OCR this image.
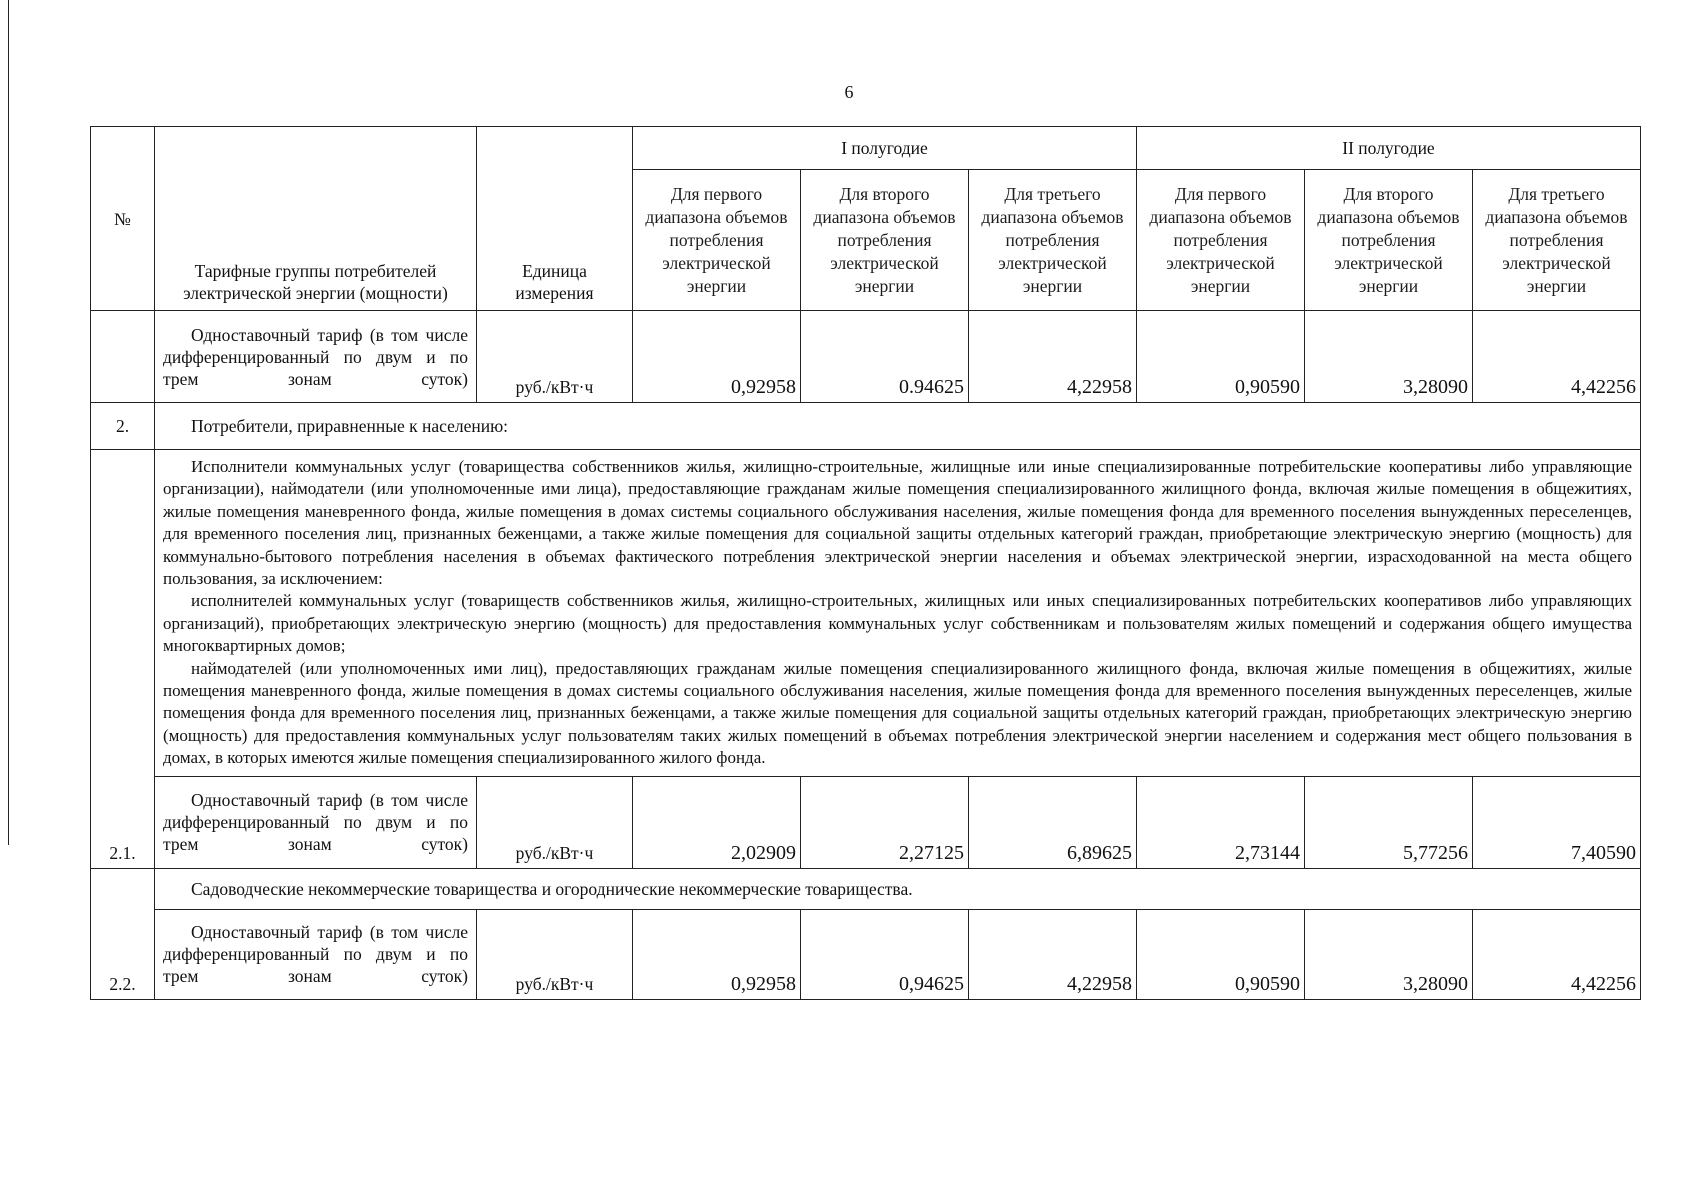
6
№	Тарифные группы потребителей электрической энергии (мощности)	Единица измерения	I полугодие			II полугодие		
			Для первого диапазона объемов потребления электрической энергии	Для второго диапазона объемов потребления электрической энергии	Для третьего диапазона объемов потребления электрической энергии	Для первого диапазона объемов потребления электрической энергии	Для второго диапазона объемов потребления электрической энергии	Для третьего диапазона объемов потребления электрической энергии
	Одноставочный тариф (в том числе дифференцированный по двум и по трем зонам суток)	руб./кВт·ч	0,92958	0.94625	4,22958	0,90590	3,28090	4,42256
2.	Потребители, приравненные к населению:							
2.1.	Исполнители коммунальных услуг (товарищества собственников жилья, жилищно-строительные, жилищные или иные специализированные потребительские кооперативы либо управляющие организации), наймодатели (или уполномоченные ими лица), предоставляющие гражданам жилые помещения специализированного жилищного фонда, включая жилые помещения в общежитиях, жилые помещения маневренного фонда, жилые помещения в домах системы социального обслуживания населения, жилые помещения фонда для временного поселения вынужденных переселенцев, для временного поселения лиц, признанных беженцами, а также жилые помещения для социальной защиты отдельных категорий граждан, приобретающие электрическую энергию (мощность) для коммунально-бытового потребления населения в объемах фактического потребления электрической энергии населения и объемах электрической энергии, израсходованной на места общего пользования, за исключением:

исполнителей коммунальных услуг (товариществ собственников жилья, жилищно-строительных, жилищных или иных специализированных потребительских кооперативов либо управляющих организаций), приобретающих электрическую энергию (мощность) для предоставления коммунальных услуг собственникам и пользователям жилых помещений и содержания общего имущества многоквартирных домов;

наймодателей (или уполномоченных ими лиц), предоставляющих гражданам жилые помещения специализированного жилищного фонда, включая жилые помещения в общежитиях, жилые помещения маневренного фонда, жилые помещения в домах системы социального обслуживания населения, жилые помещения фонда для временного поселения вынужденных переселенцев, жилые помещения фонда для временного поселения лиц, признанных беженцами, а также жилые помещения для социальной защиты отдельных категорий граждан, приобретающих электрическую энергию (мощность) для предоставления коммунальных услуг пользователям таких жилых помещений в объемах потребления электрической энергии населением и содержания мест общего пользования в домах, в которых имеются жилые помещения специализированного жилого фонда.							

	Одноставочный тариф (в том числе дифференцированный по двум и по трем зонам суток)	руб./кВт·ч	2,02909	2,27125	6,89625	2,73144	5,77256	7,40590
2.2.	Садоводческие некоммерческие товарищества и огороднические некоммерческие товарищества.							
	Одноставочный тариф (в том числе дифференцированный по двум и по трем зонам суток)	руб./кВт·ч	0,92958	0,94625	4,22958	0,90590	3,28090	4,42256
